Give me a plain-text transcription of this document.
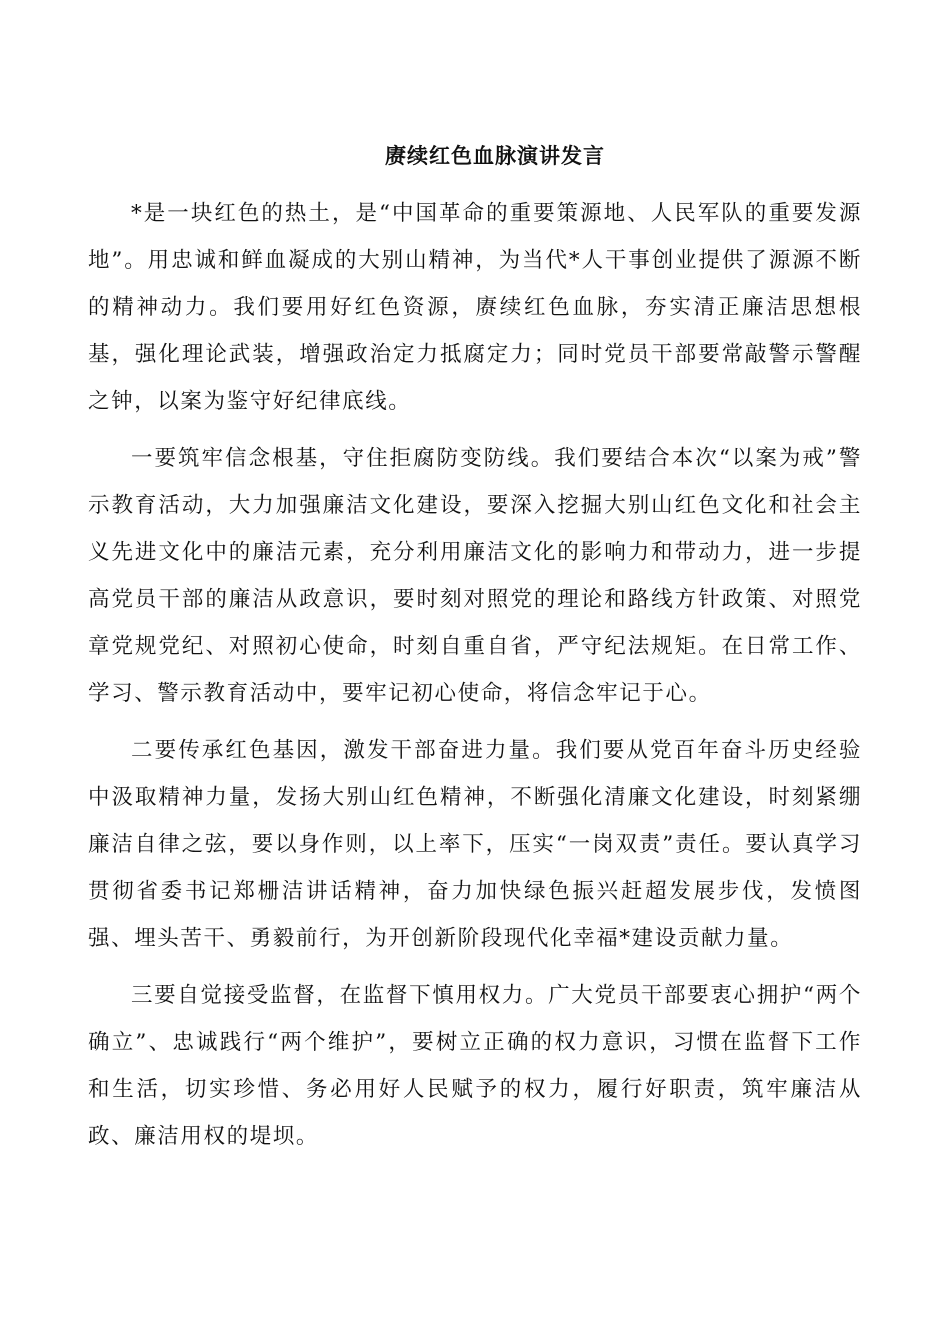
赓续红色血脉演讲发言

*是一块红色的热土，是“中国革命的重要策源地、人民军队的重要发源地”。用忠诚和鲜血凝成的大别山精神，为当代*人干事创业提供了源源不断的精神动力。我们要用好红色资源，赓续红色血脉，夯实清正廉洁思想根基，强化理论武装，增强政治定力抵腐定力；同时党员干部要常敲警示警醒之钟，以案为鉴守好纪律底线。

一要筑牢信念根基，守住拒腐防变防线。我们要结合本次“以案为戒”警示教育活动，大力加强廉洁文化建设，要深入挖掘大别山红色文化和社会主义先进文化中的廉洁元素，充分利用廉洁文化的影响力和带动力，进一步提高党员干部的廉洁从政意识，要时刻对照党的理论和路线方针政策、对照党章党规党纪、对照初心使命，时刻自重自省，严守纪法规矩。在日常工作、学习、警示教育活动中，要牢记初心使命，将信念牢记于心。

二要传承红色基因，激发干部奋进力量。我们要从党百年奋斗历史经验中汲取精神力量，发扬大别山红色精神，不断强化清廉文化建设，时刻紧绷廉洁自律之弦，要以身作则，以上率下，压实“一岗双责”责任。要认真学习贯彻省委书记郑栅洁讲话精神，奋力加快绿色振兴赶超发展步伐，发愤图强、埋头苦干、勇毅前行，为开创新阶段现代化幸福*建设贡献力量。

三要自觉接受监督，在监督下慎用权力。广大党员干部要衷心拥护“两个确立”、忠诚践行“两个维护”，要树立正确的权力意识，习惯在监督下工作和生活，切实珍惜、务必用好人民赋予的权力，履行好职责，筑牢廉洁从政、廉洁用权的堤坝。
